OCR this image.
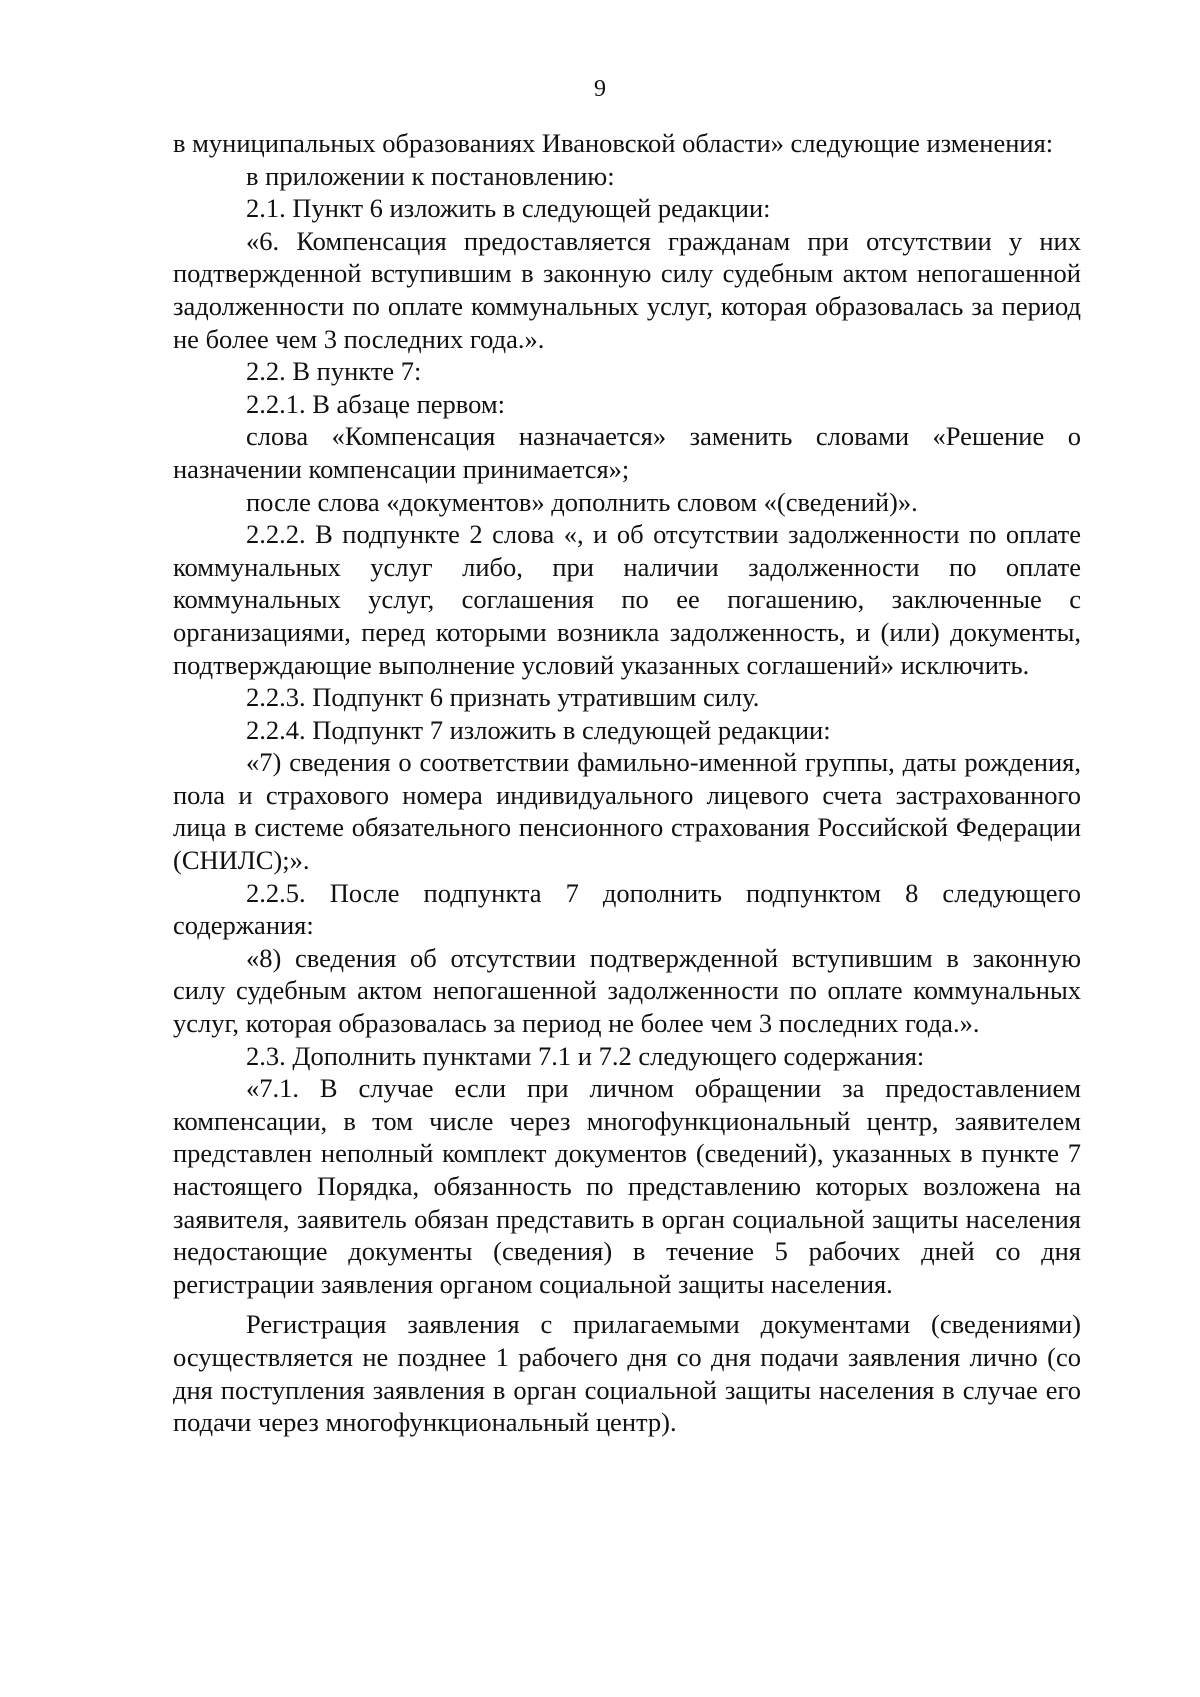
9

в муниципальных образованиях Ивановской области» следующие изменения:

в приложении к постановлению:

2.1. Пункт 6 изложить в следующей редакции:

«6. Компенсация предоставляется гражданам при отсутствии у них подтвержденной вступившим в законную силу судебным актом непогашенной задолженности по оплате коммунальных услуг, которая образовалась за период не более чем 3 последних года.».

2.2. В пункте 7:

2.2.1. В абзаце первом:

слова «Компенсация назначается» заменить словами «Решение о назначении компенсации принимается»;

после слова «документов» дополнить словом «(сведений)».

2.2.2. В подпункте 2 слова «, и об отсутствии задолженности по оплате коммунальных услуг либо, при наличии задолженности по оплате коммунальных услуг, соглашения по ее погашению, заключенные с организациями, перед которыми возникла задолженность, и (или) документы, подтверждающие выполнение условий указанных соглашений» исключить.

2.2.3. Подпункт 6 признать утратившим силу.

2.2.4. Подпункт 7 изложить в следующей редакции:

«7) сведения о соответствии фамильно-именной группы, даты рождения, пола и страхового номера индивидуального лицевого счета застрахованного лица в системе обязательного пенсионного страхования Российской Федерации (СНИЛС);».

2.2.5. После подпункта 7 дополнить подпунктом 8 следующего содержания:

«8) сведения об отсутствии подтвержденной вступившим в законную силу судебным актом непогашенной задолженности по оплате коммунальных услуг, которая образовалась за период не более чем 3 последних года.».

2.3. Дополнить пунктами 7.1 и 7.2 следующего содержания:

«7.1. В случае если при личном обращении за предоставлением компенсации, в том числе через многофункциональный центр, заявителем представлен неполный комплект документов (сведений), указанных в пункте 7 настоящего Порядка, обязанность по представлению которых возложена на заявителя, заявитель обязан представить в орган социальной защиты населения недостающие документы (сведения) в течение 5 рабочих дней со дня регистрации заявления органом социальной защиты населения.

Регистрация заявления с прилагаемыми документами (сведениями) осуществляется не позднее 1 рабочего дня со дня подачи заявления лично (со дня поступления заявления в орган социальной защиты населения в случае его подачи через многофункциональный центр).
